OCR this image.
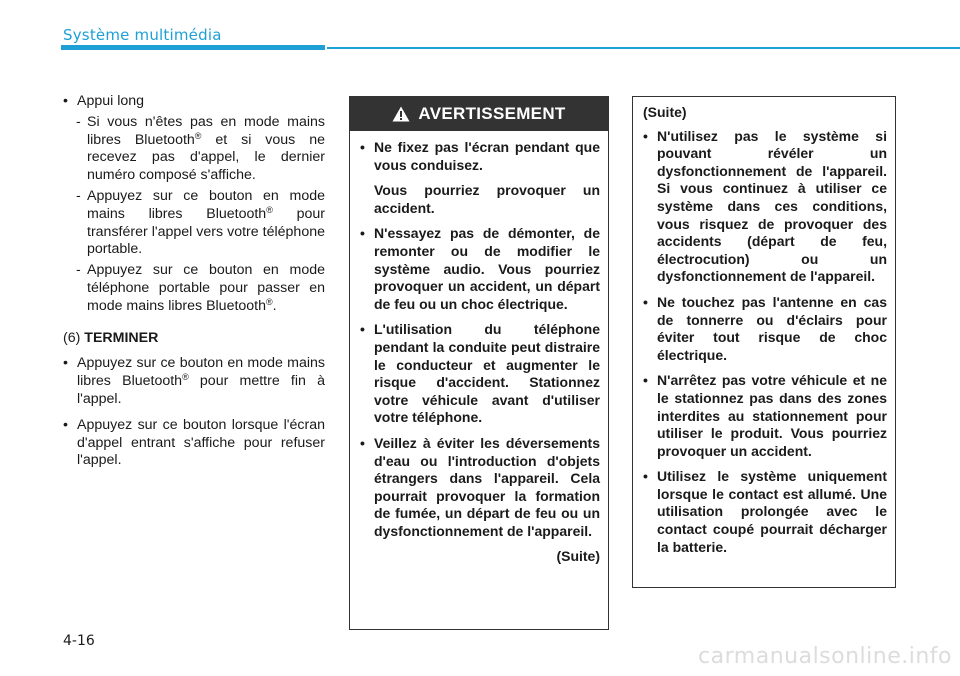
Système multimédia

• Appui long

- Si vous n'êtes pas en mode mains libres Bluetooth® et si vous ne recevez pas d'appel, le dernier numéro composé s'affiche.

- Appuyez sur ce bouton en mode mains libres Bluetooth® pour transférer l'appel vers votre téléphone portable.

- Appuyez sur ce bouton en mode téléphone portable pour passer en mode mains libres Bluetooth®.

(6) TERMINER

• Appuyez sur ce bouton en mode mains libres Bluetooth® pour mettre fin à l'appel.

• Appuyez sur ce bouton lorsque l'écran d'appel entrant s'affiche pour refuser l'appel.

AVERTISSEMENT

• Ne fixez pas l'écran pendant que vous conduisez.

Vous pourriez provoquer un accident.

• N'essayez pas de démonter, de remonter ou de modifier le système audio. Vous pourriez provoquer un accident, un départ de feu ou un choc électrique.

• L'utilisation du téléphone pendant la conduite peut distraire le conducteur et augmenter le risque d'accident. Stationnez votre véhicule avant d'utiliser votre téléphone.

• Veillez à éviter les déversements d'eau ou l'introduction d'objets étrangers dans l'appareil. Cela pourrait provoquer la formation de fumée, un départ de feu ou un dysfonctionnement de l'appareil.

(Suite)

(Suite)

• N'utilisez pas le système si pouvant révéler un dysfonctionnement de l'appareil. Si vous continuez à utiliser ce système dans ces conditions, vous risquez de provoquer des accidents (départ de feu, électrocution) ou un dysfonctionnement de l'appareil.

• Ne touchez pas l'antenne en cas de tonnerre ou d'éclairs pour éviter tout risque de choc électrique.

• N'arrêtez pas votre véhicule et ne le stationnez pas dans des zones interdites au stationnement pour utiliser le produit. Vous pourriez provoquer un accident.

• Utilisez le système uniquement lorsque le contact est allumé. Une utilisation prolongée avec le contact coupé pourrait décharger la batterie.

4-16
carmanualsonline.info
